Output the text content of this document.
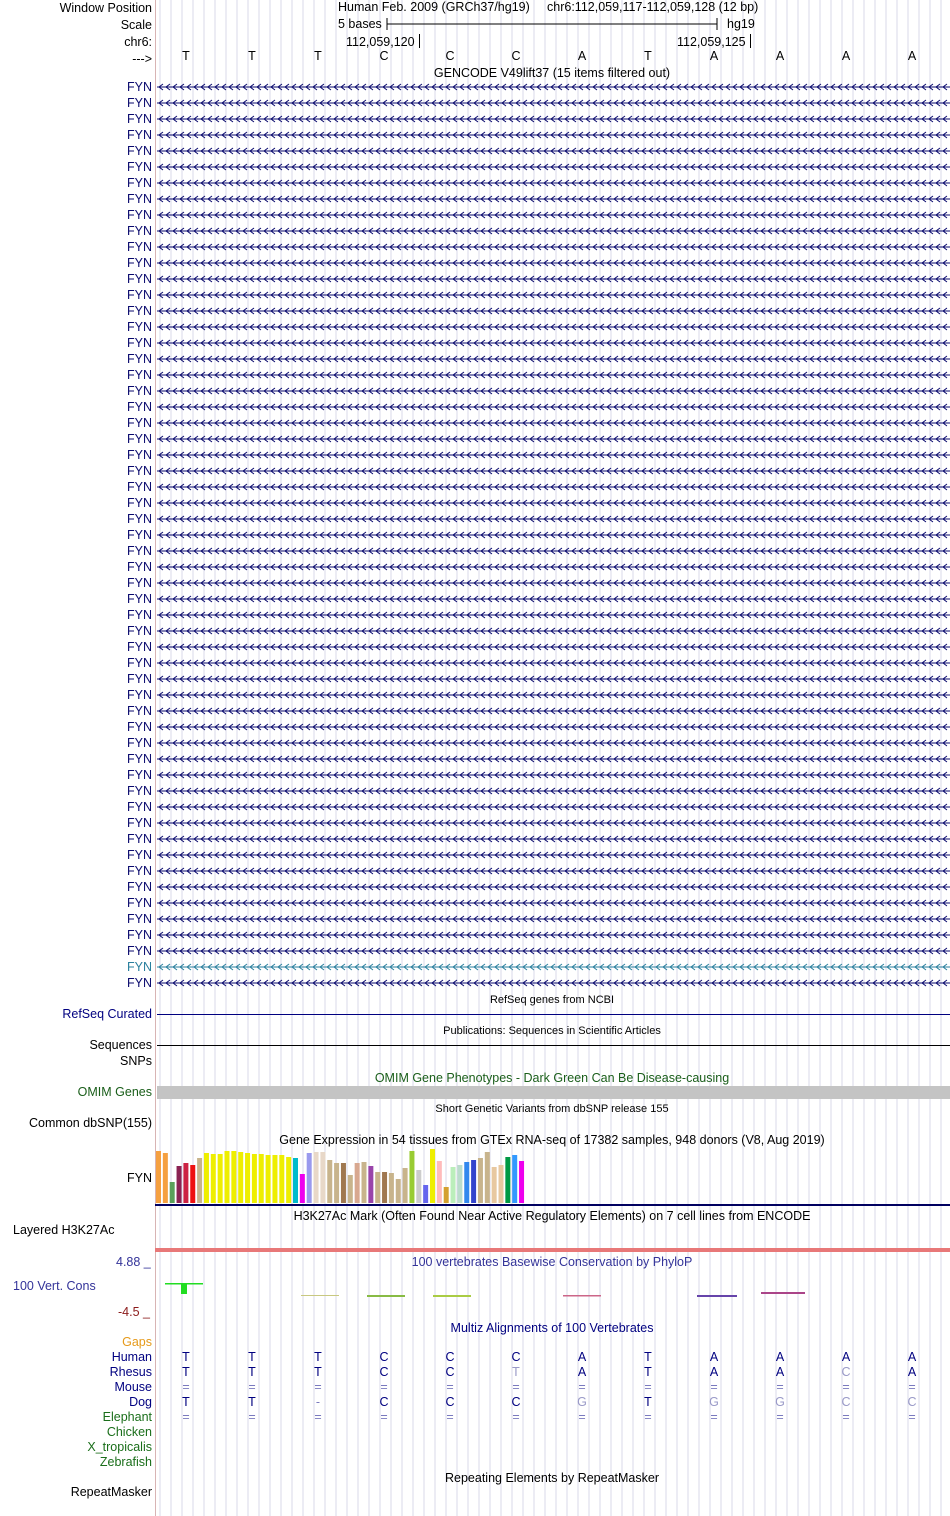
Window Position	Human Feb. 2009 (GRCh37/hg19) chr6:112,059,117-112,059,128 (12 bp)
Scale	5 bases	hg19
chr6:	112,059,120	112,059,125
---> T	T	T	C	C	C	A	T	A	A	A	A
GENCODE V49lift37 (15 items filtered out)
FYN
FYN
FYN
FYN
FYN
FYN
FYN
FYN
FYN
FYN
FYN
FYN
FYN
FYN
FYN
FYN
FYN
FYN
FYN
FYN
FYN
FYN
FYN
FYN
FYN
FYN
FYN
FYN
FYN
FYN
FYN
FYN
FYN
FYN
FYN
FYN
FYN
FYN
FYN
FYN
FYN
FYN
FYN
FYN
FYN
FYN
FYN
FYN
FYN
FYN
FYN
FYN
FYN
FYN
FYN
FYN
FYN
RefSeq genes from NCBI
RefSeq Curated
Publications: Sequences in Scientific Articles
Sequences
SNPs
OMIM Gene Phenotypes - Dark Green Can Be Disease-causing
OMIM Genes
Short Genetic Variants from dbSNP release 155
Common dbSNP(155)
Gene Expression in 54 tissues from GTEx RNA-seq of 17382 samples, 948 donors (V8, Aug 2019)
FYN
H3K27Ac Mark (Often Found Near Active Regulatory Elements) on 7 cell lines from ENCODE
Layered H3K27Ac
100 vertebrates Basewise Conservation by PhyloP
4.88 _
100 Vert. Cons
-4.5 _
Multiz Alignments of 100 Vertebrates
Gaps
Human T	T	T	C	C	C	A	T	A	A	A	A
Rhesus T	T	T	C	C	T	A	T	A	A	C	A
Mouse =	=	=	=	=	=	=	=	=	=	=	=
Dog T	T	-	C	C	C	G	T	G	G	C	C
Elephant =	=	=	=	=	=	=	=	=	=	=	=
Chicken
X_tropicalis
Zebrafish
Repeating Elements by RepeatMasker
RepeatMasker
